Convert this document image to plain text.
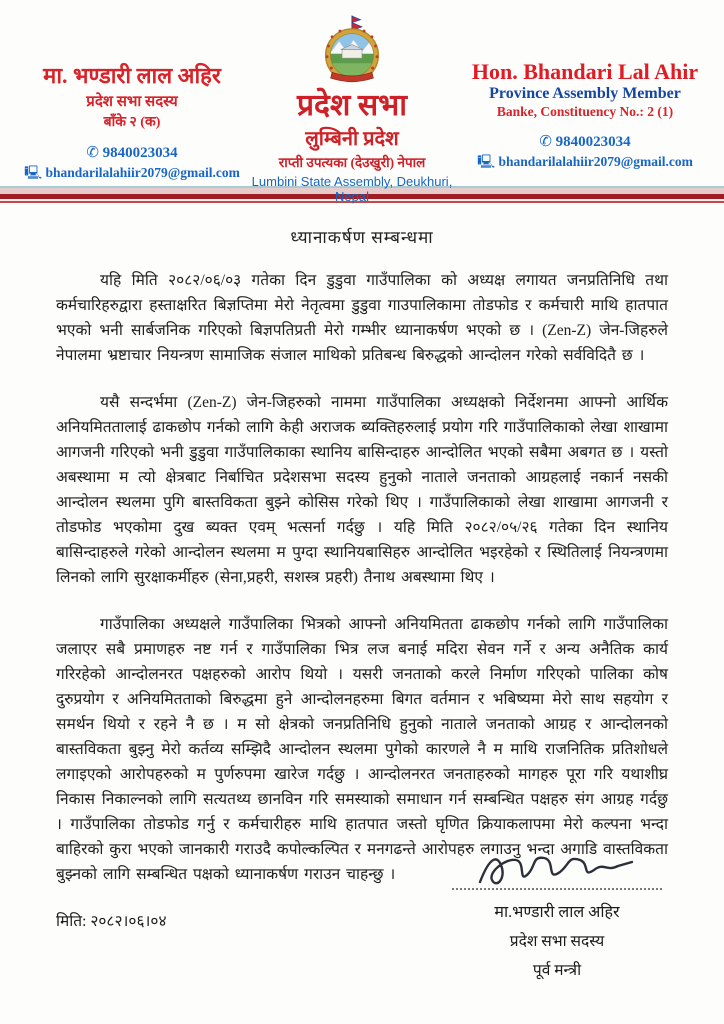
मा. भण्डारी लाल अहिर
प्रदेश सभा सदस्य
बाँके २ (क)
✆ 9840023034
🖳 bhandarilalahiir2079@gmail.com
प्रदेश सभा
लुम्बिनी प्रदेश
राप्ती उपत्यका (देउखुरी) नेपाल
Lumbini State Assembly, Deukhuri, Nepal
Hon. Bhandari Lal Ahir
Province Assembly Member
Banke, Constituency No.: 2 (1)
✆ 9840023034
🖳 bhandarilalahiir2079@gmail.com
ध्यानाकर्षण सम्बन्धमा

यहि मिति २०८२/०६/०३ गतेका दिन डुडुवा गाउँपालिका को अध्यक्ष लगायत जनप्रतिनिधि तथा कर्मचारिहरुद्वारा हस्ताक्षरित बिज्ञप्तिमा मेरो नेतृत्वमा डुडुवा गाउपालिकामा तोडफोड र कर्मचारी माथि हातपात भएको भनी सार्बजनिक गरिएको बिज्ञपतिप्रती मेरो गम्भीर ध्यानाकर्षण भएको छ । (Zen-Z) जेन-जिहरुले नेपालमा भ्रष्टाचार नियन्त्रण सामाजिक संजाल माथिको प्रतिबन्ध बिरुद्धको आन्दोलन गरेको सर्वविदितै छ ।

यसै सन्दर्भमा (Zen-Z) जेन-जिहरुको नाममा गाउँपालिका अध्यक्षको निर्देशनमा आफ्नो आर्थिक अनियमिततालाई ढाकछोप गर्नको लागि केही अराजक ब्यक्तिहरुलाई प्रयोग गरि गाउँपालिकाको लेखा शाखामा आगजनी गरिएको भनी डुडुवा गाउँपालिकाका स्थानिय बासिन्दाहरु आन्दोलित भएको सबैमा अबगत छ । यस्तो अबस्थामा म त्यो क्षेत्रबाट निर्बाचित प्रदेशसभा सदस्य हुनुको नाताले जनताको आग्रहलाई नकार्न नसकी आन्दोलन स्थलमा पुगि बास्तविकता बुझ्ने कोसिस गरेको थिए । गाउँपालिकाको लेखा शाखामा आगजनी र तोडफोड भएकोमा दुख ब्यक्त एवम् भत्सर्ना गर्दछु । यहि मिति २०८२/०५/२६ गतेका दिन स्थानिय बासिन्दाहरुले गरेको आन्दोलन स्थलमा म पुग्दा स्थानियबासिहरु आन्दोलित भइरहेको र स्थितिलाई नियन्त्रणमा लिनको लागि सुरक्षाकर्मीहरु (सेना,प्रहरी, सशस्त्र प्रहरी) तैनाथ अबस्थामा थिए ।

गाउँपालिका अध्यक्षले गाउँपालिका भित्रको आफ्नो अनियमितता ढाकछोप गर्नको लागि गाउँपालिका जलाएर सबै प्रमाणहरु नष्ट गर्न र गाउँपालिका भित्र लज बनाई मदिरा सेवन गर्ने र अन्य अनैतिक कार्य गरिरहेको आन्दोलनरत पक्षहरुको आरोप थियो । यसरी जनताको करले निर्माण गरिएको पालिका कोष दुरुप्रयोग र अनियमितताको बिरुद्धमा हुने आन्दोलनहरुमा बिगत वर्तमान र भबिष्यमा मेरो साथ सहयोग र समर्थन थियो र रहने नै छ । म सो क्षेत्रको जनप्रतिनिधि हुनुको नाताले जनताको आग्रह र आन्दोलनको बास्तविकता बुझ्नु मेरो कर्तव्य सम्झिदै आन्दोलन स्थलमा पुगेको कारणले नै म माथि राजनितिक प्रतिशोधले लगाइएको आरोपहरुको म पुर्णरुपमा खारेज गर्दछु । आन्दोलनरत जनताहरुको मागहरु पूरा गरि यथाशीघ्र निकास निकाल्नको लागि सत्यतथ्य छानविन गरि समस्याको समाधान गर्न सम्बन्धित पक्षहरु संग आग्रह गर्दछु । गाउँपालिका तोडफोड गर्नु र कर्मचारीहरु माथि हातपात जस्तो घृणित क्रियाकलापमा मेरो कल्पना भन्दा बाहिरको कुरा भएको जानकारी गराउदै कपोल्कल्पित र मनगढन्ते आरोपहरु लगाउनु भन्दा अगाडि वास्तविकता बुझ्नको लागि सम्बन्धित पक्षको ध्यानाकर्षण गराउन चाहन्छु ।

मिति: २०८२।०६।०४
मा.भण्डारी लाल अहिर
प्रदेश सभा सदस्य
पूर्व मन्त्री
